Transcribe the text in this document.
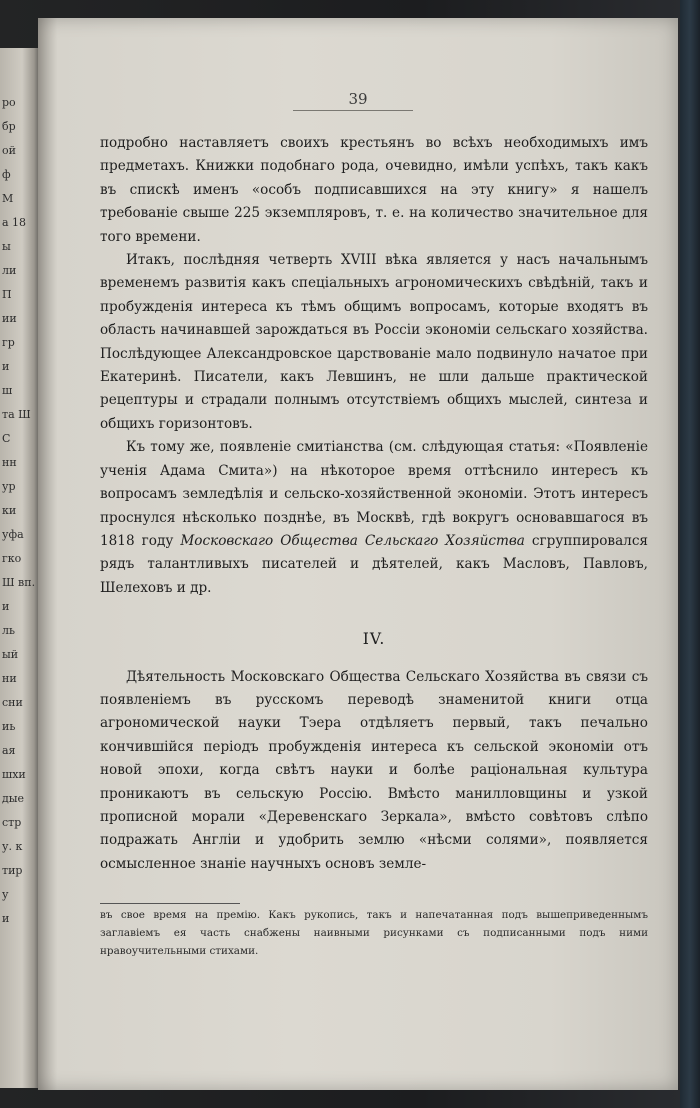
ро
бр
ой
ф
М
а 18
ы
ли
П
ии
гр
и
ш
та Ш
С
нн
ур
ки
уфа
гко
Ш вп.
и
ль
ый
ни
сни
иь
ая
шхи
дые
стр
у. к
тир
у
и
39

подробно наставляетъ своихъ крестьянъ во всѣхъ необходимыхъ имъ предметахъ. Книжки подобнаго рода, очевидно, имѣли успѣхъ, такъ какъ въ спискѣ именъ «особъ подписавшихся на эту книгу» я нашелъ требованіе свыше 225 экземпляровъ, т. е. на количество значительное для того времени.

Итакъ, послѣдняя четверть XVIII вѣка является у насъ начальнымъ временемъ развитія какъ спеціальныхъ агрономическихъ свѣдѣній, такъ и пробужденія интереса къ тѣмъ общимъ вопросамъ, которые входятъ въ область начинавшей зарождаться въ Россіи экономіи сельскаго хозяйства. Послѣдующее Александровское царствованіе мало подвинуло начатое при Екатеринѣ. Писатели, какъ Левшинъ, не шли дальше практической рецептуры и страдали полнымъ отсутствіемъ общихъ мыслей, синтеза и общихъ горизонтовъ.

Къ тому же, появленіе смитіанства (см. слѣдующая статья: «Появленіе ученія Адама Смита») на нѣкоторое время оттѣснило интересъ къ вопросамъ земледѣлія и сельско-хозяйственной экономіи. Этотъ интересъ проснулся нѣсколько позднѣе, въ Москвѣ, гдѣ вокругъ основавшагося въ 1818 году Московскаго Общества Сельскаго Хозяйства сгруппировался рядъ талантливыхъ писателей и дѣятелей, какъ Масловъ, Павловъ, Шелеховъ и др.

IV.

Дѣятельность Московскаго Общества Сельскаго Хозяйства въ связи съ появленіемъ въ русскомъ переводѣ знаменитой книги отца агрономической науки Тэера отдѣляетъ первый, такъ печально кончившійся періодъ пробужденія интереса къ сельской экономіи отъ новой эпохи, когда свѣтъ науки и болѣе раціональная культура проникаютъ въ сельскую Россію. Вмѣсто манилловщины и узкой прописной морали «Деревенскаго Зеркала», вмѣсто совѣтовъ слѣпо подражать Англіи и удобрить землю «нѣсми солями», появляется осмысленное знаніе научныхъ основъ земле-

въ свое время на премію. Какъ рукопись, такъ и напечатанная подъ вышеприведеннымъ заглавіемъ ея часть снабжены наивными рисунками съ подписанными подъ ними нравоучительными стихами.
